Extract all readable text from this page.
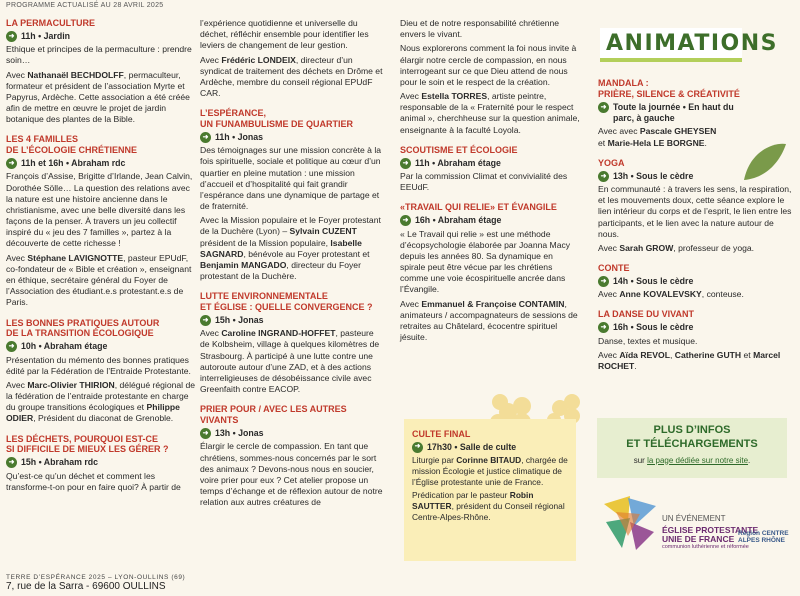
PROGRAMME ACTUALISÉ AU 28 AVRIL 2025
LA PERMACULTURE
➜ 11h • Jardin
Ethique et principes de la permaculture : prendre soin…
Avec Nathanaël BECHDOLFF, permaculteur, formateur et président de l’association Myrte et Papyrus, Ardèche. Cette association a été créée afin de mettre en œuvre le projet de jardin botanique des plantes de la Bible.
LES 4 FAMILLES
DE L’ÉCOLOGIE CHRÉTIENNE
➜ 11h et 16h • Abraham rdc
François d’Assise, Brigitte d’Irlande, Jean Calvin, Dorothée Sölle… La question des relations avec la nature est une histoire ancienne dans le christianisme, avec une belle diversité dans les façons de la penser. À travers un jeu collectif inspiré du « jeu des 7 familles », partez à la découverte de cette richesse !
Avec Stéphane LAVIGNOTTE, pasteur EPUdF, co-fondateur de « Bible et création », enseignant en éthique, secrétaire général du Foyer de l’Association des étudiant.e.s protestant.e.s de Paris.
LES BONNES PRATIQUES AUTOUR
DE LA TRANSITION ÉCOLOGIQUE
➜ 10h • Abraham étage
Présentation du mémento des bonnes pratiques édité par la Fédération de l’Entraide Protestante.
Avec Marc-Olivier THIRION, délégué régional de la fédération de l’entraide protestante en charge du groupe transitions écologiques et Philippe ODIER, Président du diaconat de Grenoble.
LES DÉCHETS, POURQUOI EST-CE
SI DIFFICILE DE MIEUX LES GÉRER ?
➜ 15h • Abraham rdc
Qu’est-ce qu’un déchet et comment les transforme-t-on pour en faire quoi? À partir de
TERRE D’ESPÉRANCE 2025 – LYON-OULLINS (69)
7, rue de la Sarra - 69600 OULLINS
l’expérience quotidienne et universelle du déchet, réfléchir ensemble pour identifier les leviers de changement de leur gestion.
Avec Frédéric LONDEIX, directeur d’un syndicat de traitement des déchets en Drôme et Ardèche, membre du conseil régional EPUdF CAR.
L’ESPÉRANCE,
UN FUNAMBULISME DE QUARTIER
➜ 11h • Jonas
Des témoignages sur une mission concrète à la fois spirituelle, sociale et politique au cœur d’un quartier en pleine mutation : une mission d’accueil et d’hospitalité qui fait grandir l’espérance dans une dynamique de partage et de fraternité.
Avec la Mission populaire et le Foyer protestant de la Duchère (Lyon) – Sylvain CUZENT président de la Mission populaire, Isabelle SAGNARD, bénévole au Foyer protestant et Benjamin MANGADO, directeur du Foyer protestant de la Duchère.
LUTTE ENVIRONNEMENTALE
ET ÉGLISE : QUELLE CONVERGENCE ?
➜ 15h • Jonas
Avec Caroline INGRAND-HOFFET, pasteure de Kolbsheim, village à quelques kilomètres de Strasbourg. À participé à une lutte contre une autoroute autour d’une ZAD, et à des actions interreligieuses de désobéissance civile avec Greenfaith contre EACOP.
PRIER POUR / AVEC LES AUTRES
VIVANTS
➜ 13h • Jonas
Élargir le cercle de compassion. En tant que chrétiens, sommes-nous concernés par le sort des animaux ? Devons-nous nous en soucier, voire prier pour eux ? Cet atelier propose un temps d’échange et de réflexion autour de notre relation aux autres créatures de
Dieu et de notre responsabilité chrétienne envers le vivant.
Nous explorerons comment la foi nous invite à élargir notre cercle de compassion, en nous interrogeant sur ce que Dieu attend de nous pour le soin et le respect de la création.
Avec Estella TORRES, artiste peintre, responsable de la « Fraternité pour le respect animal », cherchheuse sur la question animale, enseignante à la faculté Loyola.
SCOUTISME ET ÉCOLOGIE
➜ 11h • Abraham étage
Par la commission Climat et convivialité des EEUdF.
«TRAVAIL QUI RELIE» ET ÉVANGILE
➜ 16h • Abraham étage
« Le Travail qui relie » est une méthode d’écopsychologie élaborée par Joanna Macy depuis les années 80. Sa dynamique en spirale peut être vécue par les chrétiens comme une voie écospirituelle ancrée dans l’Évangile.
Avec Emmanuel & Françoise CONTAMIN, animateurs / accompagnateurs de sessions de retraites au Châtelard, écocentre spirituel jésuite.
CULTE FINAL
➜ 17h30 • Salle de culte
Liturgie par Corinne BITAUD, chargée de mission Écologie et justice climatique de l’Église protestante unie de France.
Prédication par le pasteur Robin SAUTTER, président du Conseil régional Centre-Alpes-Rhône.
ANIMATIONS
MANDALA :
PRIÈRE, SILENCE & CRÉATIVITÉ
➜ Toute la journée • En haut du parc, à gauche
Avec avec Pascale GHEYSEN
et Marie-Hela LE BORGNE.
YOGA
➜ 13h • Sous le cèdre
En communauté : à travers les sens, la respiration, et les mouvements doux, cette séance explore le lien intérieur du corps et de l’esprit, le lien entre les participants, et le lien avec la nature autour de nous.
Avec Sarah GROW, professeur de yoga.
CONTE
➜ 14h • Sous le cèdre
Avec Anne KOVALEVSKY, conteuse.
LA DANSE DU VIVANT
➜ 16h • Sous le cèdre
Danse, textes et musique.
Avec Aïda REVOL, Catherine GUTH et Marcel ROCHET.
PLUS D’INFOS
ET TÉLÉCHARGEMENTS
sur la page dédiée sur notre site.
UN ÉVÉNEMENT
ÉGLISE PROTESTANTE
UNIE DE FRANCE
communion luthérienne et réformée
Région CENTRE
ALPES RHÔNE
